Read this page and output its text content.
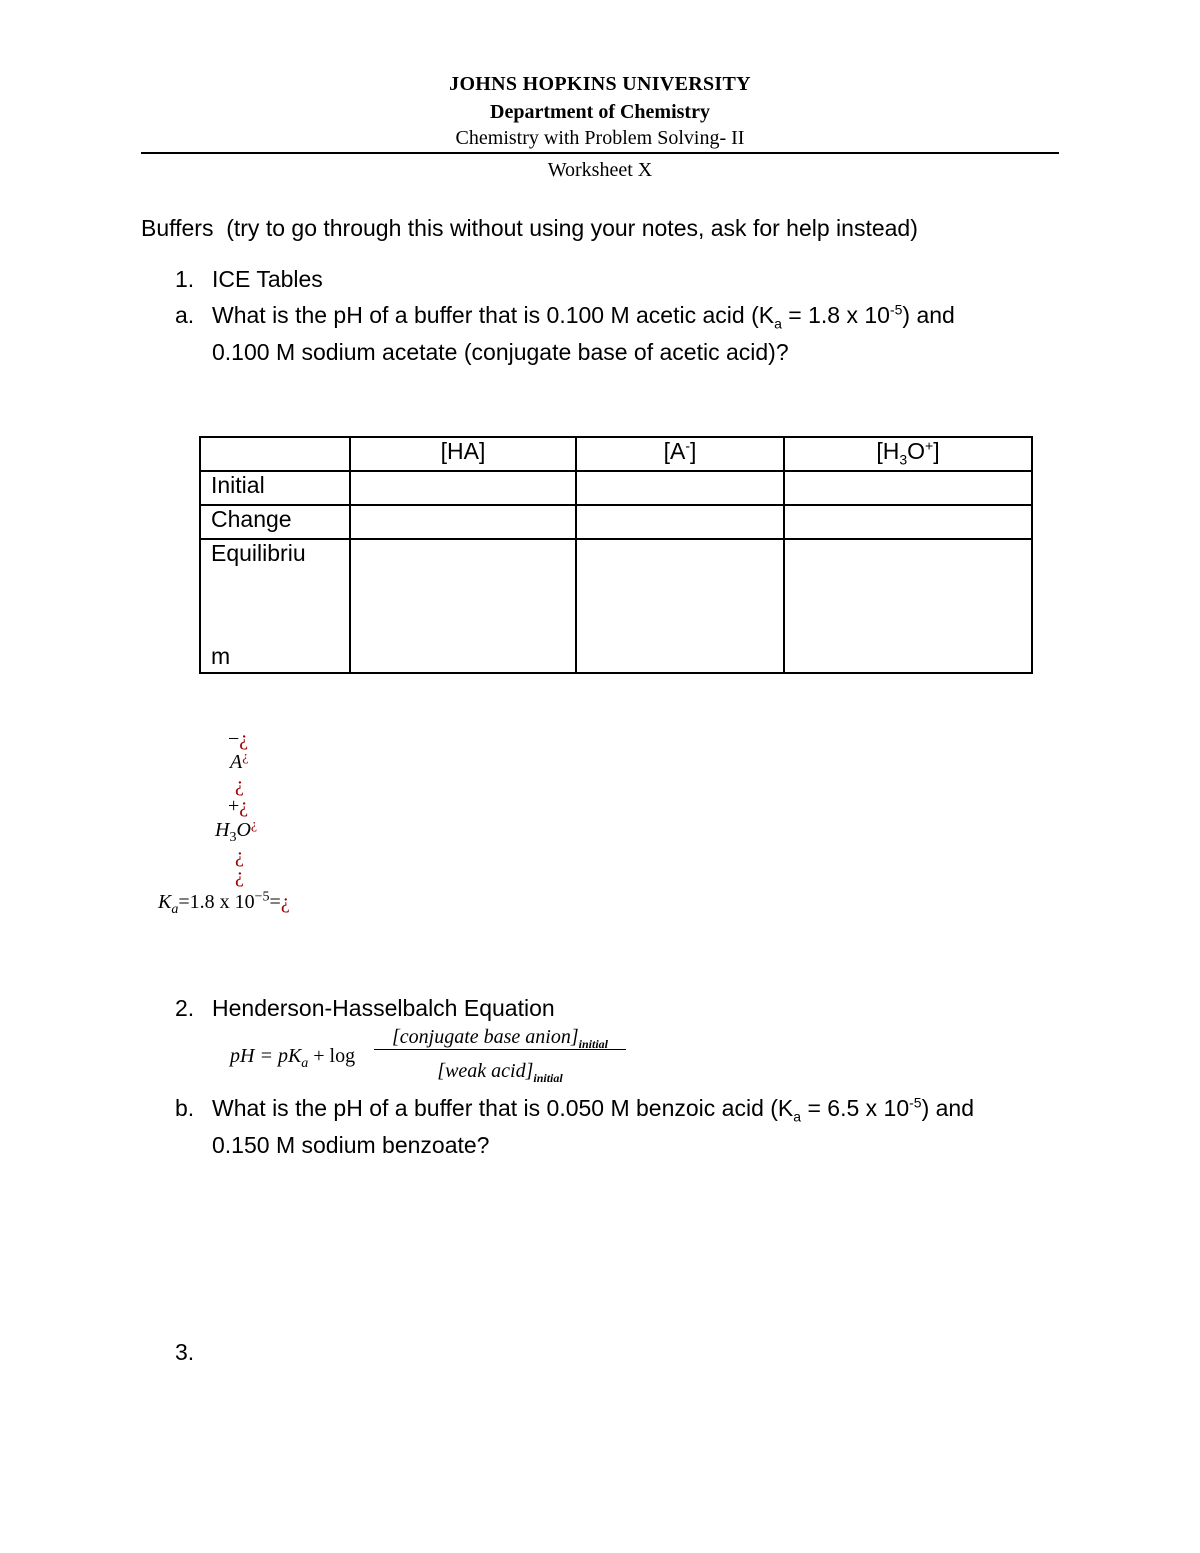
JOHNS HOPKINS UNIVERSITY
Department of Chemistry
Chemistry with Problem Solving- II
Worksheet X
Buffers  (try to go through this without using your notes, ask for help instead)
1. ICE Tables
a. What is the pH of a buffer that is 0.100 M acetic acid ($K_a = 1.8$ x $10^{-5}$) and
0.100 M sodium acetate (conjugate base of acetic acid)?
	[HA]	[A-]	$[H_3O^+]$
Initial			
Change			

Equilibriu
m			

−¿
A¿
¿
+¿
$H_3O^¿$
¿
¿
$K_a=1.8$ x $10^{-5}=¿$
2. Henderson-Hasselbalch Equation
pH = $pK_a + \log$
[conjugate base $anion]_{initial}$
[weak $acid]_{initial}$
b. What is the pH of a buffer that is 0.050 M benzoic acid ($K_a = 6.5$ x $10^{-5}$) and
0.150 M sodium benzoate?
3.
